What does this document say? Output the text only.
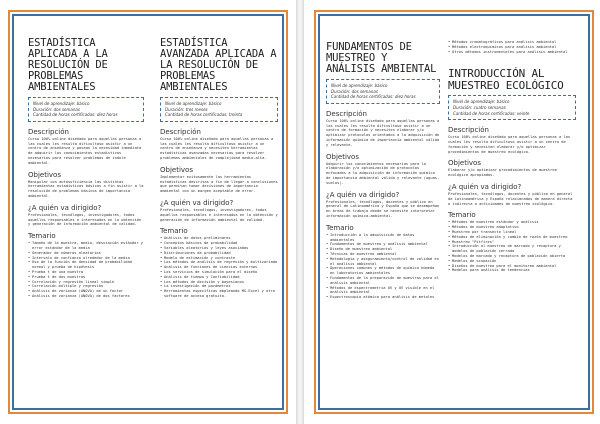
ESTADÍSTICA APLICADA A LA RESOLUCIÓN DE PROBLEMAS AMBIENTALES
Nivel de aprendizaje: básico
Duración: dos semanas
Cantidad de horas certificadas: diez horas
Descripción

Curso 100% online diseñado para aquellas personas a las cuales les resulta dificultoso asistir a un centro de enseñanza y posean la necesidad inmediata de adquirir los conocimientos estadísticos necesarios para resolver problemas de índole ambiental.

Objetivos

Manipular con autosuficiencia las distintas herramientas estadísticas básicas a fin asistir a la resolución de problemas básicos de importancia ambiental.

¿A quién va dirigido?

Profesionales, tecnólogos, investigadores, todos aquellos responsables e interesados en la obtención y generación de información ambiental de calidad.

Temario
• Tamaño de la muestra, media, desviación estándar y error estándar de la media
• Generador de números aleatorios
• Intervalo de confianza alrededor de la media
• Uso de la función de densidad de probabilidad normal y prueba de hipótesis
• Prueba t de una muestra
• Prueba t de dos muestras
• Correlación y regresión lineal simple
• Correlación múltiple y regresión
• Análisis de varianza (ANOVA) de un factor
• Análisis de varianza (ANOVA) de dos factores
ESTADÍSTICA AVANZADA APLICADA A LA RESOLUCIÓN DE PROBLEMAS AMBIENTALES
Nivel de aprendizaje: básico
Duración: tres meses
Cantidad de horas certificadas: treinta
Descripción

Curso 100% online diseñado para aquellas personas a las cuales les resulta dificultoso asistir a un centro de enseñanza y necesiten herramientas estadísticas avanzadas necesarias para resolver problemas ambientales de complejidad medio-alta.

Objetivos

Implementar exitosamente las herramientas estadísticas descritas a fin de llegar a conclusiones que permitan tomar decisiones de importancia ambiental con un margen aceptable de error.

¿A quién va dirigido?

Profesionales, tecnólogos, investigadores, todos aquellos responsables e interesados en la obtención y generación de información ambiental de calidad.

Temario
• Análisis de datos preliminares
• Conceptos básicos de probabilidad
• Variables aleatorias y leyes asociadas
• Distribuciones de probabilidad
• Modelo de estimación y contraste
• Los métodos de análisis de regresión y multivariado
• Análisis de funciones de ciencias externas
• Los servicios de simulación para el diseño
• Análisis de tiempo y Confiabilidad
• Los métodos de decisión y bayesianos
• La investigación de parámetros
• Herramientas específicas empleando MS-Excel y otro software de acceso gratuito.
FUNDAMENTOS DE MUESTREO Y ANÁLISIS AMBIENTAL
Nivel de aprendizaje: básico
Duración: dos semanas
Cantidad de horas certificadas: diez horas
Descripción

Curso 100% online diseñado para aquellas personas a las cuales les resulta dificultoso asistir a un centro de formación y necesiten elaborar y/o optimizar protocolos orientados a la adquisición de información química de importancia ambiental válida y relevante.

Objetivos

Adquirir los conocimientos necesarios para la elaboración y/o optimización de protocolos enfocados a la adquisición de información química de importancia ambiental válida y relevante (aguas, suelos).

¿A quién va dirigido?

Profesionales, tecnólogos, docentes y público en general de Latinoamérica y España que se desempeñan en áreas de trabajo donde se necesite interpretar información química-ambiental.

Temario
• Introducción a la adquisición de datos ambientales
• Fundamentos de muestreo y análisis ambiental
• Diseño de muestreo ambiental
• Técnicas de muestreo ambiental
• Metodología y aseguramiento/control de calidad en el análisis ambiental
• Operaciones comunes y métodos de química húmeda en laboratorios ambientales
• Fundamentos de la preparación de muestras para el análisis ambiental
• Métodos de espectrometría UV y UV visible en el análisis ambiental
• Espectroscopía atómica para análisis de metales
• Métodos cromatográficos para análisis ambiental
• Métodos electroquímicos para análisis ambiental
• Otros métodos instrumentales para análisis ambiental
INTRODUCCIÓN AL MUESTREO ECOLÓGICO
Nivel de aprendizaje: básico
Duración: cuatro semanas
Cantidad de horas certificadas: veinte
Descripción

Curso 100% online diseñado para aquellas personas a las cuales les resulta dificultoso asistir a un centro de formación y necesiten elaborar y/o optimizar procedimientos de muestreo ecológico.

Objetivos

Elaborar y/o optimizar procedimientos de muestreo ecológico apropiados.

¿A quién va dirigido?

Profesionales, tecnólogos, docentes y público en general de Latinoamérica y España relacionados de manera directa o indirecta a actividades de muestreo ecológico.

Temario
• Métodos de muestreo estándar y análisis
• Métodos de muestreo adaptativo
• Muestreo por transecto lineal
• Métodos de eliminación y cambio de razón de muestreo
• Muestreo "Pitfires"
• Introducción al muestreo de marcado y recaptura y modelos de población cerrada
• Modelos de marcado y recaptura de población abierta
• Modelos de ocupación
• Diseños de muestreo para el monitoreo ambiental
• Modelos para análisis de tendencias
